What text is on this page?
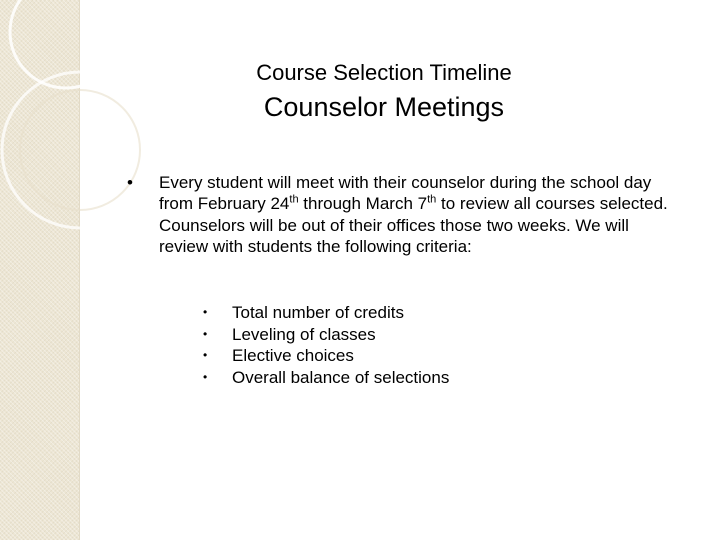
Course Selection Timeline
Counselor Meetings
• Every student will meet with their counselor during the school day from February 24th through March 7th to review all courses selected. Counselors will be out of their offices those two weeks. We will review with students the following criteria:
•	Total number of credits
•	Leveling of classes
•	Elective choices
•	Overall balance of selections
